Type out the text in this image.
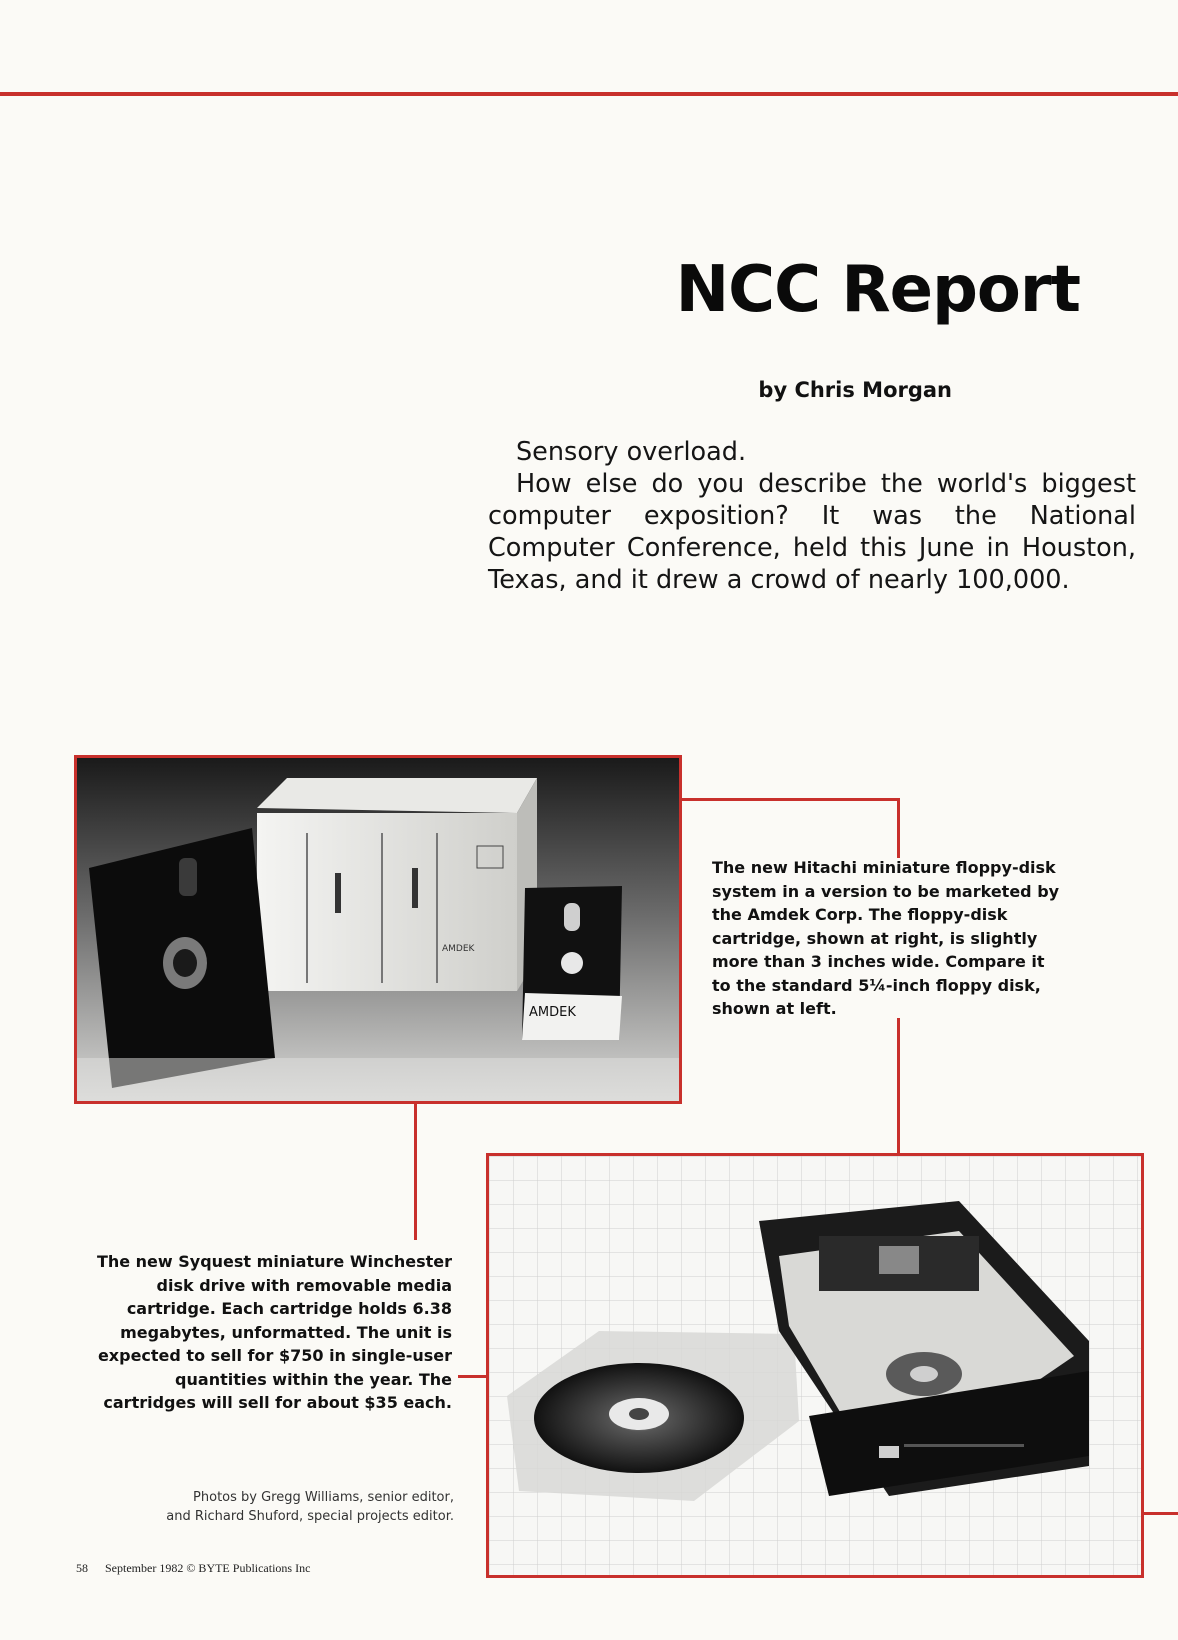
NCC Report
by Chris Morgan

Sensory overload.

How else do you describe the world's biggest computer exposition? It was the National Computer Conference, held this June in Houston, Texas, and it drew a crowd of nearly 100,000.

AMDEK
AMDEK
The new Hitachi miniature floppy-disk system in a version to be marketed by the Amdek Corp. The floppy-disk cartridge, shown at right, is slightly more than 3 inches wide. Compare it to the standard 5¼-inch floppy disk, shown at left.
The new Syquest miniature Winchester disk drive with removable media cartridge. Each cartridge holds 6.38 megabytes, unformatted. The unit is expected to sell for $750 in single-user quantities within the year. The cartridges will sell for about $35 each.
Photos by Gregg Williams, senior editor,
and Richard Shuford, special projects editor.
58 September 1982 © BYTE Publications Inc
